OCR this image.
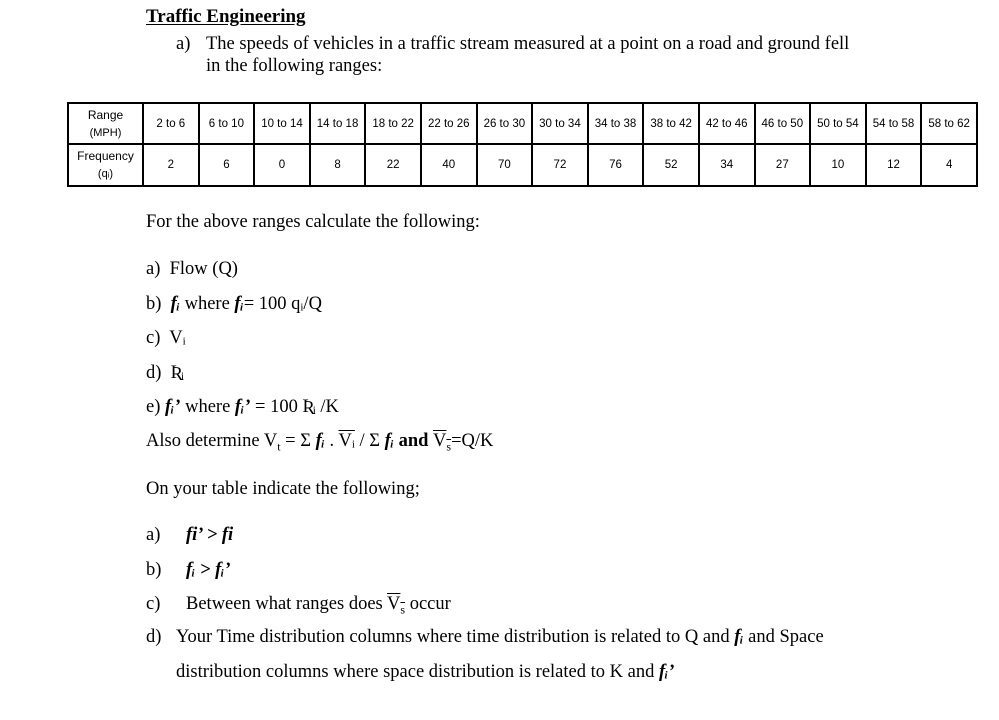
Traffic Engineering
a) The speeds of vehicles in a traffic stream measured at a point on a road and ground fell
in the following ranges:
Range
(MPH)	2 to 6	6 to 10	10 to 14	14 to 18	18 to 22	22 to 26	26 to 30	30 to 34	34 to 38	38 to 42	42 to 46	46 to 50	50 to 54	54 to 58	58 to 62

Frequency
(qᵢ)	2	6	0	8	22	40	70	72	76	52	34	27	10	12	4
For the above ranges calculate the following:
a) Flow (Q)
b) fᵢ where fᵢ= 100 qᵢ/Q
c) Vᵢ
d) Ʀᵢ
e) fᵢ’ where fᵢ’ = 100 Ʀᵢ /K
Also determine $V_t = \Sigma$ fᵢ . $\overline{Vᵢ}$ / Σ fᵢ and $V_s=Q/K$
On your table indicate the following;
a) fi’ > fi
b) fᵢ > fᵢ’
c) Between what ranges does $V_s$ occur
d) Your Time distribution columns where time distribution is related to Q and fᵢ and Space
distribution columns where space distribution is related to K and fᵢ’
